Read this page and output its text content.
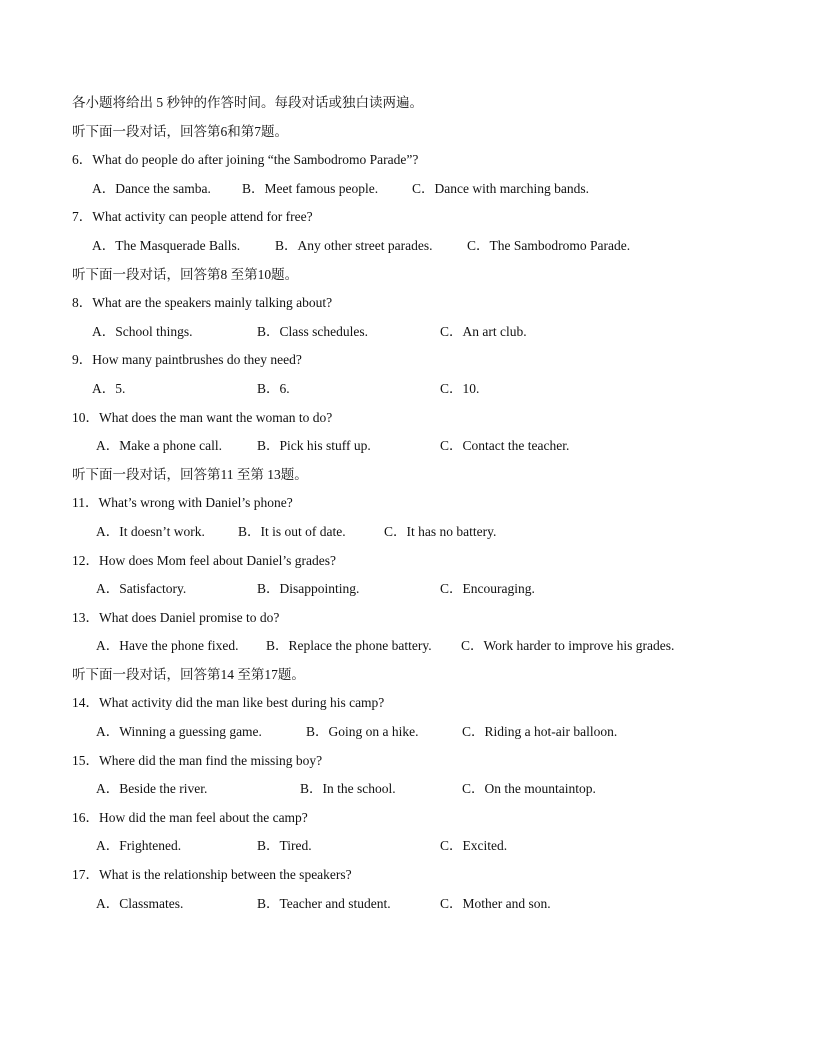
各小题将给出 5 秒钟的作答时间。每段对话或独白读两遍。
听下面一段对话，回答第6和第7题。
6．What do people do after joining “the Sambodromo Parade”?
A．Dance the samba.	B．Meet famous people.	C．Dance with marching bands.
7．What activity can people attend for free?
A．The Masquerade Balls.	B．Any other street parades.	C．The Sambodromo Parade.
听下面一段对话，回答第8 至第10题。
8．What are the speakers mainly talking about?
A．School things.	B．Class schedules.	C．An art club.
9．How many paintbrushes do they need?
A．5.	B．6.	C．10.
10．What does the man want the woman to do?
A．Make a phone call.	B．Pick his stuff up.	C．Contact the teacher.
听下面一段对话，回答第11 至第 13题。
11．What’s wrong with Daniel’s phone?
A．It doesn’t work.	B．It is out of date.	C．It has no battery.
12．How does Mom feel about Daniel’s grades?
A．Satisfactory.	B．Disappointing.	C．Encouraging.
13．What does Daniel promise to do?
A．Have the phone fixed.	B．Replace the phone battery.	C．Work harder to improve his grades.
听下面一段对话，回答第14 至第17题。
14．What activity did the man like best during his camp?
A．Winning a guessing game.	B．Going on a hike.	C．Riding a hot-air balloon.
15．Where did the man find the missing boy?
A．Beside the river.	B．In the school.	C．On the mountaintop.
16．How did the man feel about the camp?
A．Frightened.	B．Tired.	C．Excited.
17．What is the relationship between the speakers?
A．Classmates.	B．Teacher and student.	C．Mother and son.
